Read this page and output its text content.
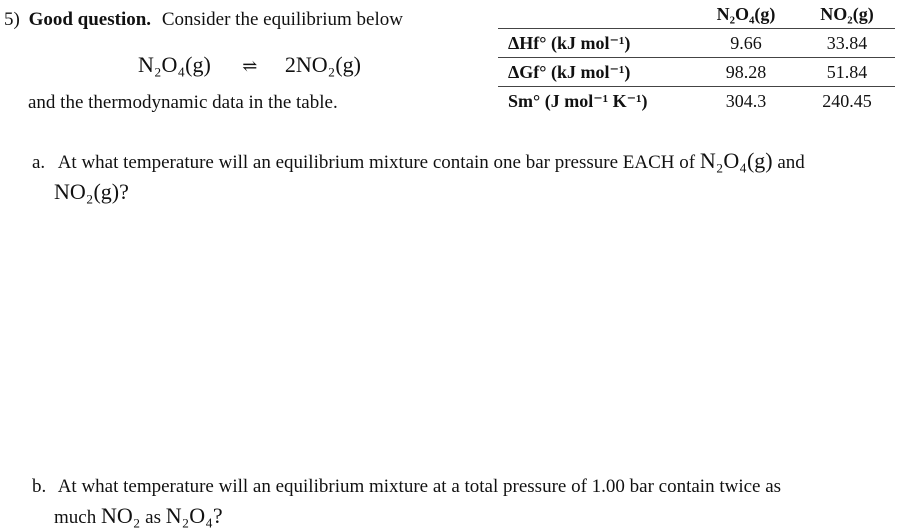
5) Good question. Consider the equilibrium below
N₂O₄(g) ⇌ 2NO₂(g)
and the thermodynamic data in the table.
	N₂O₄(g)		NO₂(g)
ΔHf° (kJ mol⁻¹)	9.66		33.84
ΔGf° (kJ mol⁻¹)	98.28		51.84
Sm° (J mol⁻¹ K⁻¹)	304.3		240.45
a. At what temperature will an equilibrium mixture contain one bar pressure EACH of N₂O₄(g) and
NO₂(g)?
b. At what temperature will an equilibrium mixture at a total pressure of 1.00 bar contain twice as
much NO₂ as N₂O₄?
